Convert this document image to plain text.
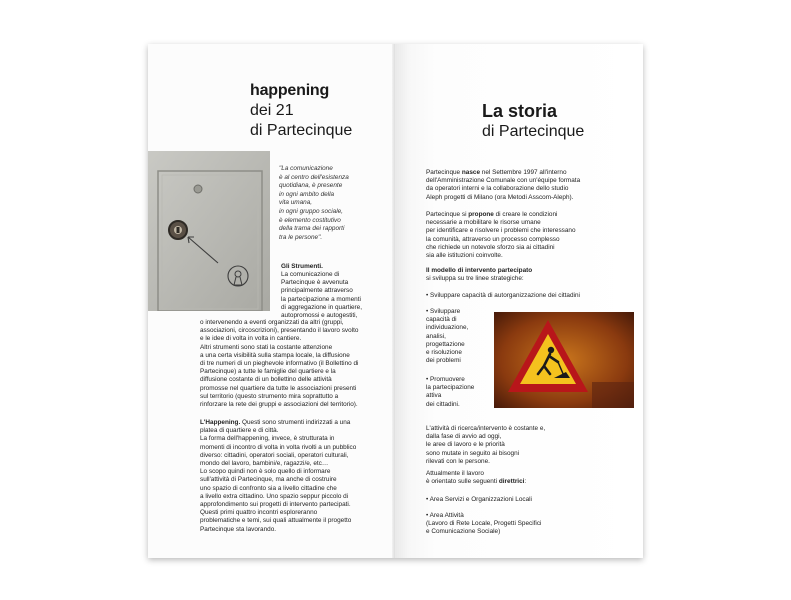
happening
dei 21
di Partecinque
"La comunicazione
è al centro dell'esistenza
quotidiana, è presente
in ogni ambito della
vita umana,
in ogni gruppo sociale,
è elemento costitutivo
della trama dei rapporti
tra le persone".
Gli Strumenti.
La comunicazione di
Partecinque è avvenuta
principalmente attraverso
la partecipazione a momenti
di aggregazione in quartiere,
autopromossi e autogestiti,
o intervenendo a eventi organizzati da altri (gruppi,
associazioni, circoscrizioni), presentando il lavoro svolto
e le idee di volta in volta in cantiere.
Altri strumenti sono stati la costante attenzione
a una certa visibilità sulla stampa locale, la diffusione
di tre numeri di un pieghevole informativo (il Bollettino di
Partecinque) a tutte le famiglie del quartiere e la
diffusione costante di un bollettino delle attività
promosse nel quartiere da tutte le associazioni presenti
sul territorio (questo strumento mira soprattutto a
rinforzare la rete dei gruppi e associazioni del territorio).
L'Happening. Questi sono strumenti indirizzati a una
platea di quartiere e di città.
La forma dell'happening, invece, è strutturata in
momenti di incontro di volta in volta rivolti a un pubblico
diverso: cittadini, operatori sociali, operatori culturali,
mondo del lavoro, bambini/e, ragazzi/e, etc…
Lo scopo quindi non è solo quello di informare
sull'attività di Partecinque, ma anche di costruire
uno spazio di confronto sia a livello cittadine che
a livello extra cittadino. Uno spazio seppur piccolo di
approfondimento sui progetti di intervento partecipati.
Questi primi quattro incontri esploreranno
problematiche e temi, sui quali attualmente il progetto
Partecinque sta lavorando.
La storia
di Partecinque
Partecinque nasce nel Settembre 1997 all'interno
dell'Amministrazione Comunale con un'équipe formata
da operatori interni e la collaborazione dello studio
Aleph progetti di Milano (ora Metodi Asscom-Aleph).
Partecinque si propone di creare le condizioni
necessarie a mobilitare le risorse umane
per identificare e risolvere i problemi che interessano
la comunità, attraverso un processo complesso
che richiede un notevole sforzo sia ai cittadini
sia alle istituzioni coinvolte.
Il modello di intervento partecipato
si sviluppa su tre linee strategiche:
• Sviluppare capacità di autorganizzazione dei cittadini
• Sviluppare
capacità di
individuazione,
analisi,
progettazione
e risoluzione
dei problemi
• Promuovere
la partecipazione
attiva
dei cittadini.
L'attività di ricerca/intervento è costante e,
dalla fase di avvio ad oggi,
le aree di lavoro e le priorità
sono mutate in seguito ai bisogni
rilevati con le persone.
Attualmente il lavoro
è orientato sulle seguenti direttrici:
• Area Servizi e Organizzazioni Locali
• Area Attività
(Lavoro di Rete Locale, Progetti Specifici
e Comunicazione Sociale)
